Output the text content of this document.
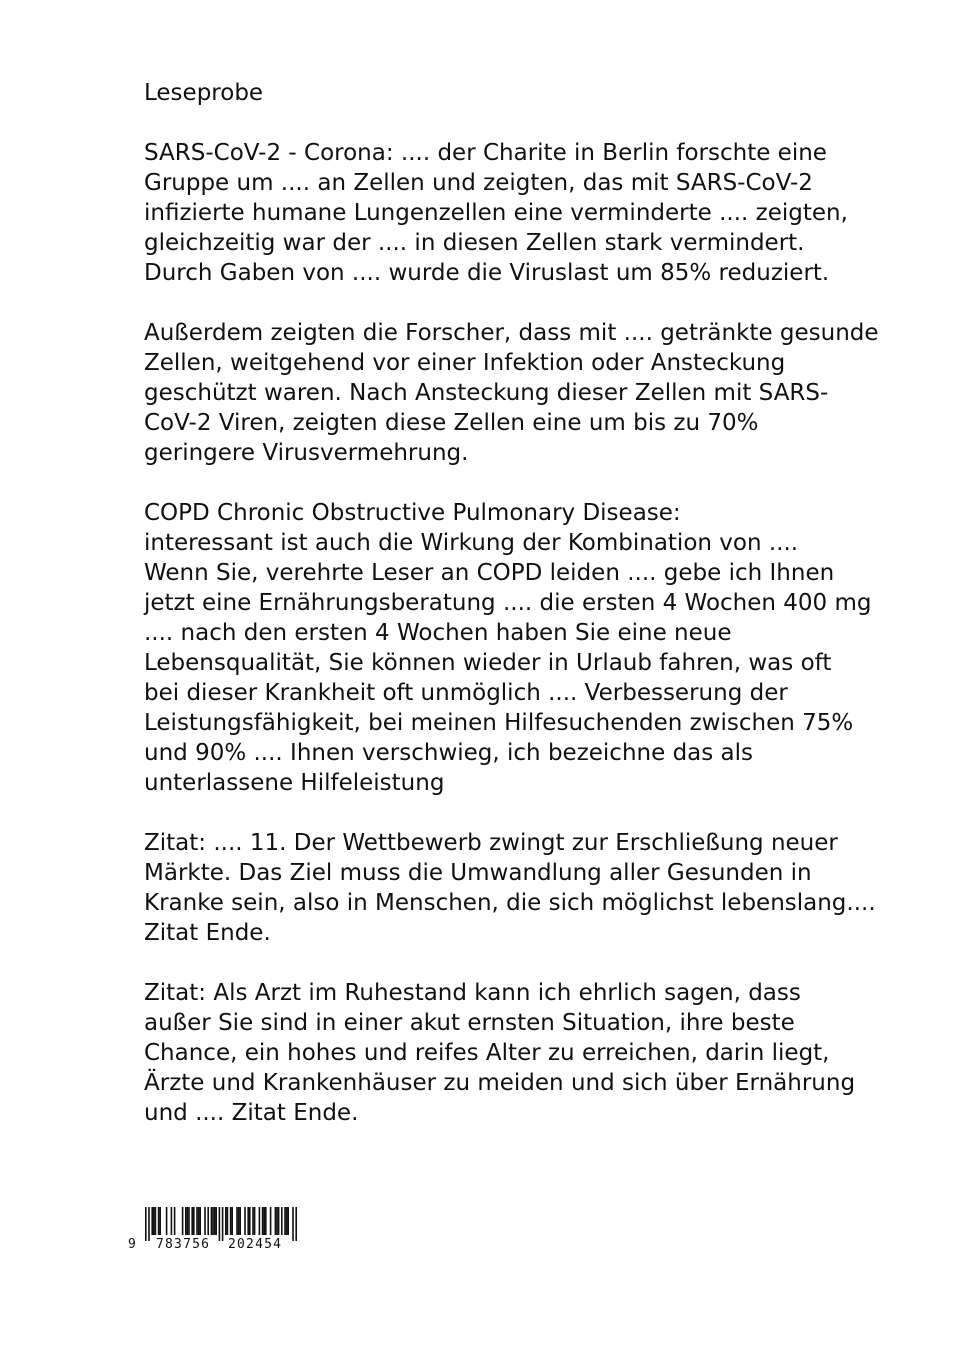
Leseprobe
SARS-CoV-2 - Corona: .... der Charite in Berlin forschte eine
Gruppe um .... an Zellen und zeigten, das mit SARS-CoV-2
infizierte humane Lungenzellen eine verminderte .... zeigten,
gleichzeitig war der .... in diesen Zellen stark vermindert.
Durch Gaben von .... wurde die Viruslast um 85% reduziert.
Außerdem zeigten die Forscher, dass mit .... getränkte gesunde
Zellen, weitgehend vor einer Infektion oder Ansteckung
geschützt waren. Nach Ansteckung dieser Zellen mit SARS-
CoV-2 Viren, zeigten diese Zellen eine um bis zu 70%
geringere Virusvermehrung.
COPD Chronic Obstructive Pulmonary Disease:
interessant ist auch die Wirkung der Kombination von ....
Wenn Sie, verehrte Leser an COPD leiden .... gebe ich Ihnen
jetzt eine Ernährungsberatung .... die ersten 4 Wochen 400 mg
.... nach den ersten 4 Wochen haben Sie eine neue
Lebensqualität, Sie können wieder in Urlaub fahren, was oft
bei dieser Krankheit oft unmöglich .... Verbesserung der
Leistungsfähigkeit, bei meinen Hilfesuchenden zwischen 75%
und 90% .... Ihnen verschwieg, ich bezeichne das als
unterlassene Hilfeleistung
Zitat: .... 11. Der Wettbewerb zwingt zur Erschließung neuer
Märkte. Das Ziel muss die Umwandlung aller Gesunden in
Kranke sein, also in Menschen, die sich möglichst lebenslang....
Zitat Ende.
Zitat: Als Arzt im Ruhestand kann ich ehrlich sagen, dass
außer Sie sind in einer akut ernsten Situation, ihre beste
Chance, ein hohes und reifes Alter zu erreichen, darin liegt,
Ärzte und Krankenhäuser zu meiden und sich über Ernährung
und .... Zitat Ende.
9 783756 202454
